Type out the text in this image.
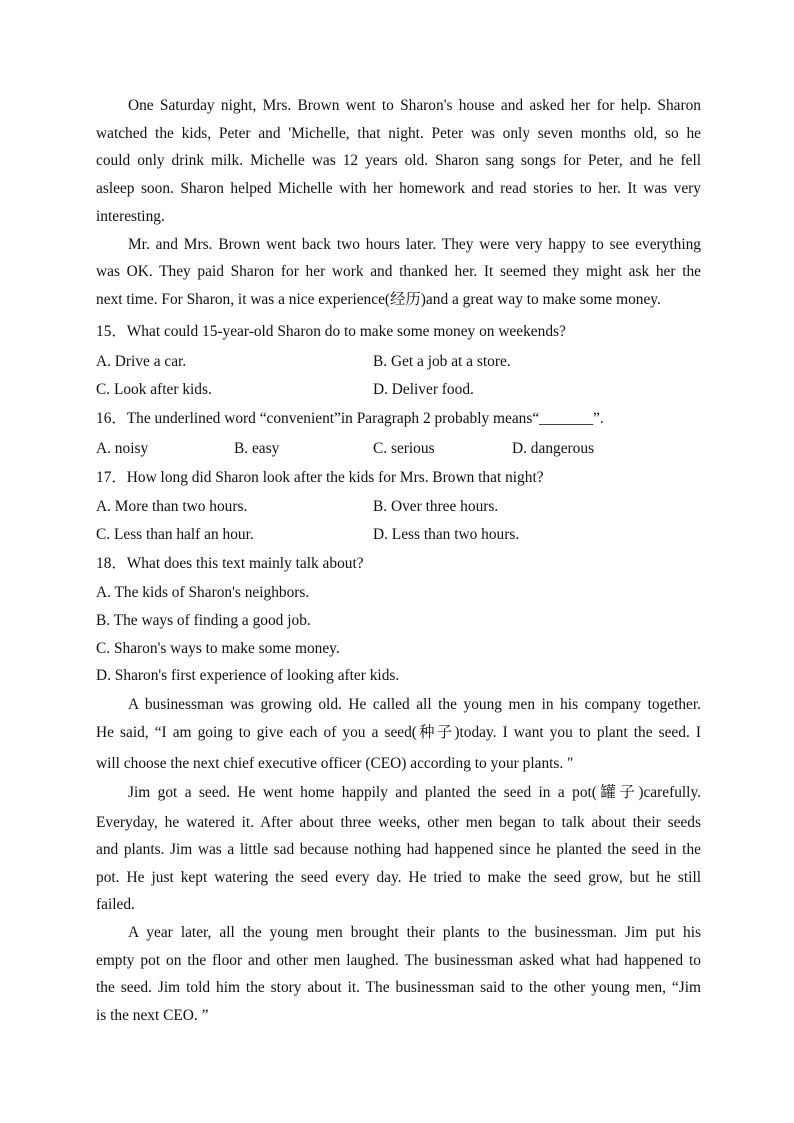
One Saturday night, Mrs. Brown went to Sharon's house and asked her for help. Sharon
watched the kids, Peter and 'Michelle, that night. Peter was only seven months old, so he
could only drink milk. Michelle was 12 years old. Sharon sang songs for Peter, and he fell
asleep soon. Sharon helped Michelle with her homework and read stories to her. It was very
interesting.
Mr. and Mrs. Brown went back two hours later. They were very happy to see everything
was OK. They paid Sharon for her work and thanked her. It seemed they might ask her the
next time. For Sharon, it was a nice experience(经历)and a great way to make some money.
15．What could 15-year-old Sharon do to make some money on weekends?
A. Drive a car.	B. Get a job at a store.
C. Look after kids.	D. Deliver food.
16．The underlined word “convenient”in Paragraph 2 probably means“_______”.
A. noisy	B. easy	C. serious	D. dangerous
17．How long did Sharon look after the kids for Mrs. Brown that night?
A. More than two hours.	B. Over three hours.
C. Less than half an hour.	D. Less than two hours.
18．What does this text mainly talk about?
A. The kids of Sharon's neighbors.
B. The ways of finding a good job.
C. Sharon's ways to make some money.
D. Sharon's first experience of looking after kids.
A businessman was growing old. He called all the young men in his company together.
He said, “I am going to give each of you a seed(种子)today. I want you to plant the seed. I
will choose the next chief executive officer (CEO) according to your plants. "
Jim got a seed. He went home happily and planted the seed in a pot(罐子)carefully.
Everyday, he watered it. After about three weeks, other men began to talk about their seeds
and plants. Jim was a little sad because nothing had happened since he planted the seed in the
pot. He just kept watering the seed every day. He tried to make the seed grow, but he still
failed.
A year later, all the young men brought their plants to the businessman. Jim put his
empty pot on the floor and other men laughed. The businessman asked what had happened to
the seed. Jim told him the story about it. The businessman said to the other young men, “Jim
is the next CEO. ”
